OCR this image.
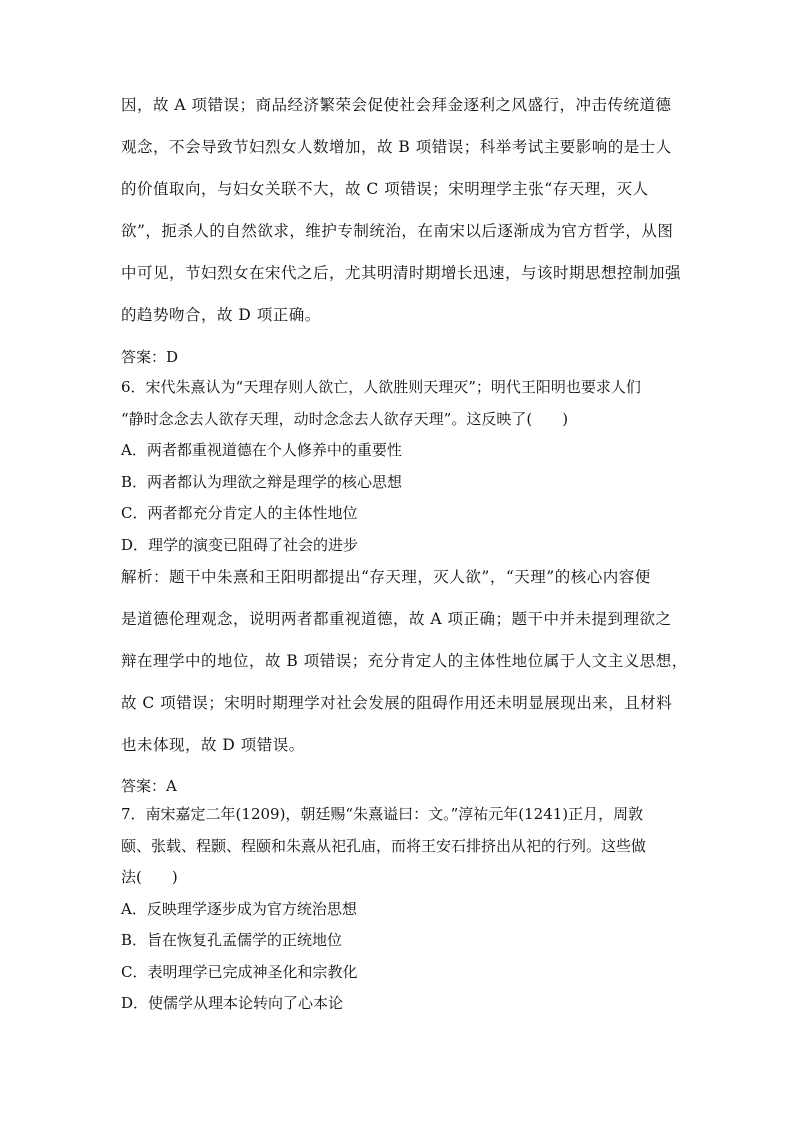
因，故 A 项错误；商品经济繁荣会促使社会拜金逐利之风盛行，冲击传统道德

观念，不会导致节妇烈女人数增加，故 B 项错误；科举考试主要影响的是士人

的价值取向，与妇女关联不大，故 C 项错误；宋明理学主张“存天理，灭人

欲”，扼杀人的自然欲求，维护专制统治，在南宋以后逐渐成为官方哲学，从图

中可见，节妇烈女在宋代之后，尤其明清时期增长迅速，与该时期思想控制加强

的趋势吻合，故 D 项正确。

答案：D

6．宋代朱熹认为“天理存则人欲亡，人欲胜则天理灭”；明代王阳明也要求人们

“静时念念去人欲存天理，动时念念去人欲存天理”。这反映了(　　)

A．两者都重视道德在个人修养中的重要性

B．两者都认为理欲之辩是理学的核心思想

C．两者都充分肯定人的主体性地位

D．理学的演变已阻碍了社会的进步

解析：题干中朱熹和王阳明都提出“存天理，灭人欲”，“天理”的核心内容便

是道德伦理观念，说明两者都重视道德，故 A 项正确；题干中并未提到理欲之

辩在理学中的地位，故 B 项错误；充分肯定人的主体性地位属于人文主义思想，

故 C 项错误；宋明时期理学对社会发展的阻碍作用还未明显展现出来，且材料

也未体现，故 D 项错误。

答案：A

7．南宋嘉定二年(1209)，朝廷赐“朱熹谥曰：文。”淳祐元年(1241)正月，周敦

颐、张载、程颢、程颐和朱熹从祀孔庙，而将王安石排挤出从祀的行列。这些做

法(　　)

A．反映理学逐步成为官方统治思想

B．旨在恢复孔孟儒学的正统地位

C．表明理学已完成神圣化和宗教化

D．使儒学从理本论转向了心本论
